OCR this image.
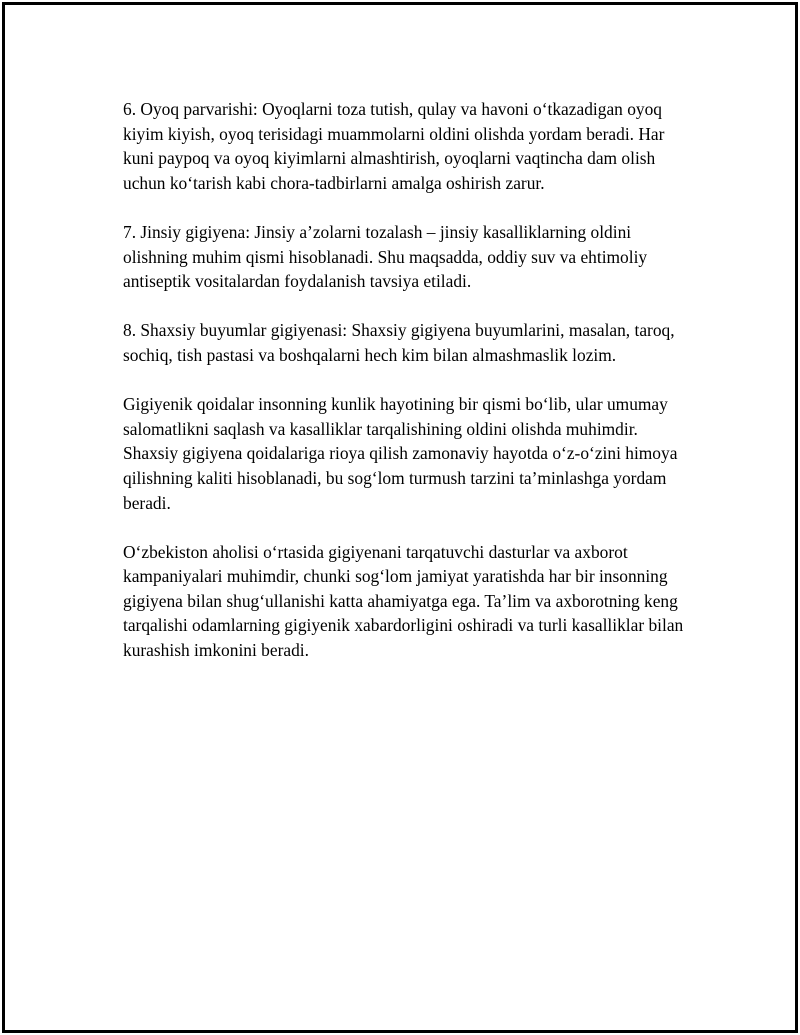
6. Oyoq parvarishi: Oyoqlarni toza tutish, qulay va havoni o‘tkazadigan oyoq kiyim kiyish, oyoq terisidagi muammolarni oldini olishda yordam beradi. Har kuni paypoq va oyoq kiyimlarni almashtirish, oyoqlarni vaqtincha dam olish uchun ko‘tarish kabi chora-tadbirlarni amalga oshirish zarur.

7. Jinsiy gigiyena: Jinsiy a’zolarni tozalash – jinsiy kasalliklarning oldini olishning muhim qismi hisoblanadi. Shu maqsadda, oddiy suv va ehtimoliy antiseptik vositalardan foydalanish tavsiya etiladi.

8. Shaxsiy buyumlar gigiyenasi: Shaxsiy gigiyena buyumlarini, masalan, taroq, sochiq, tish pastasi va boshqalarni hech kim bilan almashmaslik lozim.

Gigiyenik qoidalar insonning kunlik hayotining bir qismi bo‘lib, ular umumay salomatlikni saqlash va kasalliklar tarqalishining oldini olishda muhimdir. Shaxsiy gigiyena qoidalariga rioya qilish zamonaviy hayotda o‘z-o‘zini himoya qilishning kaliti hisoblanadi, bu sog‘lom turmush tarzini ta’minlashga yordam beradi.

O‘zbekiston aholisi o‘rtasida gigiyenani tarqatuvchi dasturlar va axborot kampaniyalari muhimdir, chunki sog‘lom jamiyat yaratishda har bir insonning gigiyena bilan shug‘ullanishi katta ahamiyatga ega. Ta’lim va axborotning keng tarqalishi odamlarning gigiyenik xabardorligini oshiradi va turli kasalliklar bilan kurashish imkonini beradi.
